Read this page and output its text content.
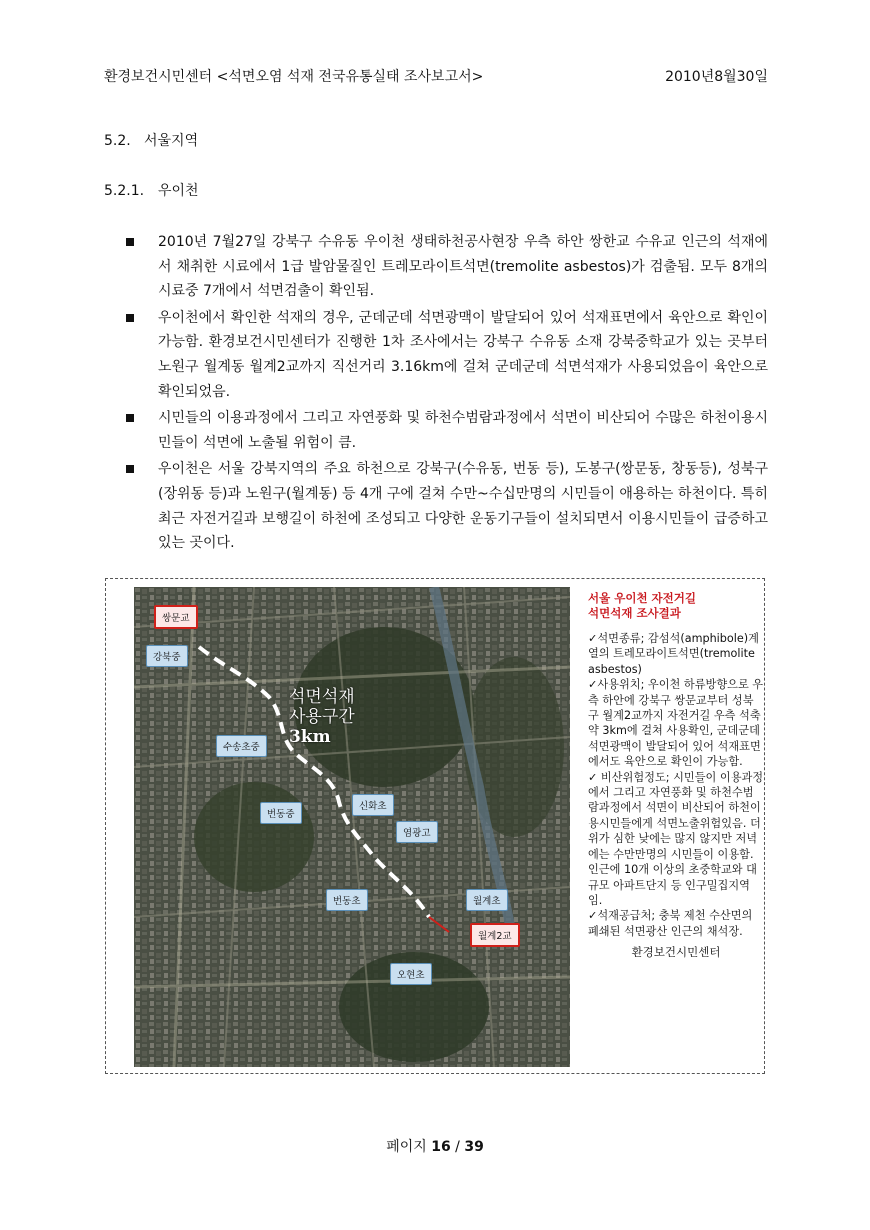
환경보건시민센터 <석면오염 석재 전국유통실태 조사보고서>	2010년8월30일
5.2. 서울지역
5.2.1. 우이천
2010년 7월27일 강북구 수유동 우이천 생태하천공사현장 우측 하안 쌍한교 수유교 인근의 석재에서 채취한 시료에서 1급 발암물질인 트레모라이트석면(tremolite asbestos)가 검출됨. 모두 8개의 시료중 7개에서 석면검출이 확인됨.
우이천에서 확인한 석재의 경우, 군데군데 석면광맥이 발달되어 있어 석재표면에서 육안으로 확인이 가능함. 환경보건시민센터가 진행한 1차 조사에서는 강북구 수유동 소재 강북중학교가 있는 곳부터 노원구 월계동 월계2교까지 직선거리 3.16km에 걸쳐 군데군데 석면석재가 사용되었음이 육안으로 확인되었음.
시민들의 이용과정에서 그리고 자연풍화 및 하천수범람과정에서 석면이 비산되어 수많은 하천이용시민들이 석면에 노출될 위험이 큼.
우이천은 서울 강북지역의 주요 하천으로 강북구(수유동, 번동 등), 도봉구(쌍문동, 창동등), 성북구(장위동 등)과 노원구(월계동) 등 4개 구에 걸쳐 수만~수십만명의 시민들이 애용하는 하천이다. 특히 최근 자전거길과 보행길이 하천에 조성되고 다양한 운동기구들이 설치되면서 이용시민들이 급증하고 있는 곳이다.
쌍문교
강북중
수송초중
번동중
신화초
염광고
번동초	월계초
월계2교
오현초
석면석재
사용구간
3km
서울 우이천 자전거길
석면석재 조사결과

✓석면종류; 감섬석(amphibole)계열의 트레모라이트석면(tremolite asbestos)

✓사용위치; 우이천 하류방향으로 우측 하안에 강북구 쌍문교부터 성북구 월계2교까지 자전거길 우측 석축 약 3km에 걸쳐 사용확인, 군데군데 석면광맥이 발달되어 있어 석재표면에서도 육안으로 확인이 가능함.

✓ 비산위험정도; 시민들이 이용과정에서 그리고 자연풍화 및 하천수범람과정에서 석면이 비산되어 하천이용시민들에게 석면노출위험있음. 더위가 심한 낮에는 많지 않지만 저녁에는 수만만명의 시민들이 이용함. 인근에 10개 이상의 초중학교와 대규모 아파트단지 등 인구밀집지역임.

✓석재공급처; 충북 제천 수산면의 폐쇄된 석면광산 인근의 채석장.

환경보건시민센터
페이지 16 / 39
